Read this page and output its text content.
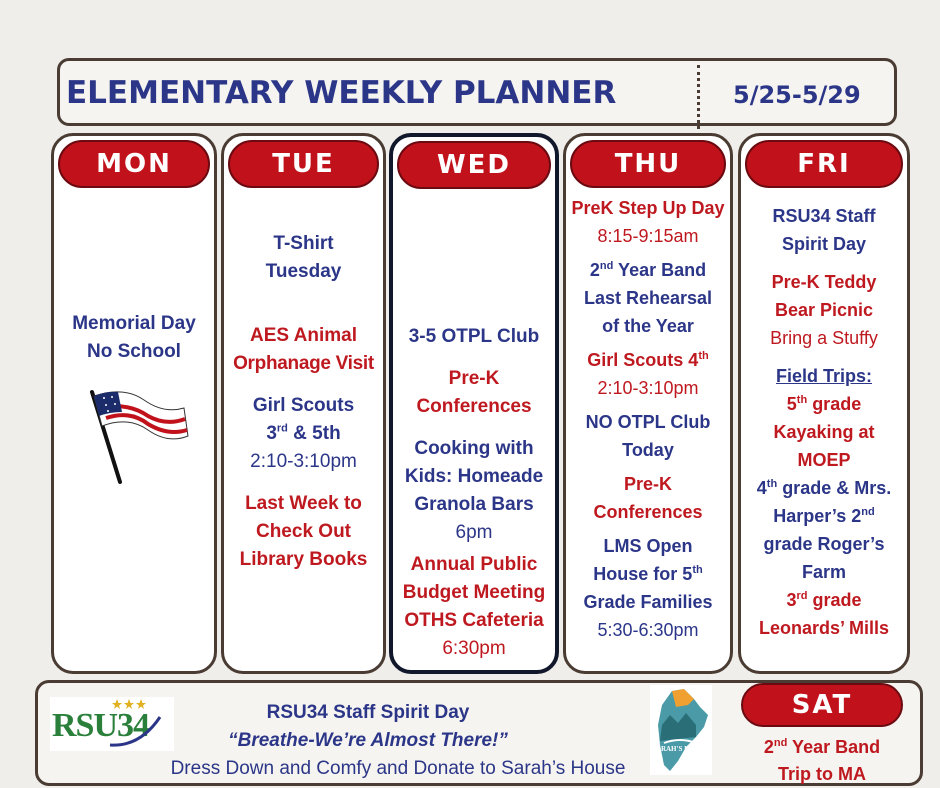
ELEMENTARY WEEKLY PLANNER	5/25-5/29
MON
Memorial Day
No School
TUE
T-Shirt
Tuesday
AES Animal
Orphanage Visit
Girl Scouts
3rd & 5th
2:10-3:10pm
Last Week to
Check Out
Library Books
WED
3-5 OTPL Club
Pre-K
Conferences
Cooking with
Kids: Homeade
Granola Bars
6pm
Annual Public
Budget Meeting
OTHS Cafeteria
6:30pm
THU
PreK Step Up Day
8:15-9:15am
2nd Year Band
Last Rehearsal
of the Year
Girl Scouts 4th
2:10-3:10pm
NO OTPL Club
Today
Pre-K
Conferences
LMS Open
House for 5th
Grade Families
5:30-6:30pm
FRI
RSU34 Staff
Spirit Day
Pre-K Teddy
Bear Picnic
Bring a Stuffy
Field Trips:
5th grade
Kayaking at
MOEP
4th grade & Mrs.
Harper’s 2nd
grade Roger’s
Farm
3rd grade
Leonards’ Mills
RSU34	RSU34 Staff Spirit Day
“Breathe-We’re Almost There!”
Dress Down and Comfy and Donate to Sarah’s House
SARAH'S HOUSE
SAT
2nd Year Band
Trip to MA
